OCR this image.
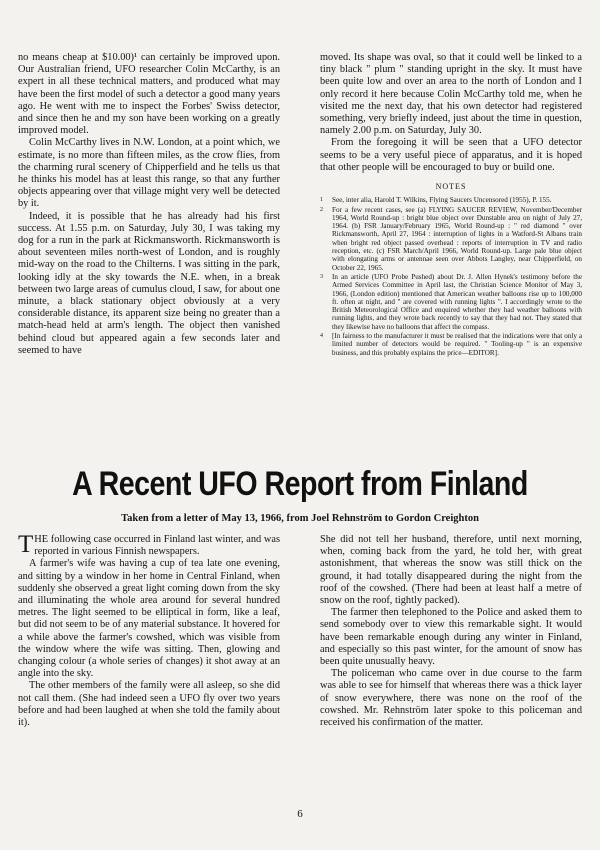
no means cheap at $10.00)¹ can certainly be improved upon. Our Australian friend, UFO researcher Colin McCarthy, is an expert in all these technical matters, and produced what may have been the first model of such a detector a good many years ago. He went with me to inspect the Forbes' Swiss detector, and since then he and my son have been working on a greatly improved model.

Colin McCarthy lives in N.W. London, at a point which, we estimate, is no more than fifteen miles, as the crow flies, from the charming rural scenery of Chipperfield and he tells us that he thinks his model has at least this range, so that any further objects appearing over that village might very well be detected by it.

Indeed, it is possible that he has already had his first success. At 1.55 p.m. on Saturday, July 30, I was taking my dog for a run in the park at Rickmansworth. Rickmansworth is about seventeen miles north-west of London, and is roughly mid-way on the road to the Chilterns. I was sitting in the park, looking idly at the sky towards the N.E. when, in a break between two large areas of cumulus cloud, I saw, for about one minute, a black stationary object obviously at a very considerable distance, its apparent size being no greater than a match-head held at arm's length. The object then vanished behind cloud but appeared again a few seconds later and seemed to have

moved. Its shape was oval, so that it could well be linked to a tiny black " plum " standing upright in the sky. It must have been quite low and over an area to the north of London and I only record it here because Colin McCarthy told me, when he visited me the next day, that his own detector had registered something, very briefly indeed, just about the time in question, namely 2.00 p.m. on Saturday, July 30.

From the foregoing it will be seen that a UFO detector seems to be a very useful piece of apparatus, and it is hoped that other people will be encouraged to buy or build one.

NOTES
1	See, inter alia, Harold T. Wilkins, Flying Saucers Uncensored (1955), P. 155.
2	For a few recent cases, see (a) FLYING SAUCER REVIEW, November/December 1964, World Round-up : bright blue object over Dunstable area on night of July 27, 1964. (b) FSR January/February 1965, World Round-up : " red diamond " over Rickmansworth, April 27, 1964 : interruption of lights in a Watford-St Albans train when bright red object passed overhead : reports of interruption in TV and radio reception, etc. (c) FSR March/April 1966, World Round-up. Large pale blue object with elongating arms or antennae seen over Abbots Langley, near Chipperfield, on October 22, 1965.
3	In an article (UFO Probe Pushed) about Dr. J. Allen Hynek's testimony before the Armed Services Committee in April last, the Christian Science Monitor of May 3, 1966, (London edition) mentioned that American weather balloons rise up to 100,000 ft. often at night, and " are covered with running lights ". I accordingly wrote to the British Meteorological Office and enquired whether they had weather balloons with running lights, and they wrote back recently to say that they had not. They stated that they likewise have no balloons that affect the compass.
4	[In fairness to the manufacturer it must be realised that the indications were that only a limited number of detectors would be required. " Tooling-up " is an expensive business, and this probably explains the price—EDITOR].
A Recent UFO Report from Finland
Taken from a letter of May 13, 1966, from Joel Rehnström to Gordon Creighton

THE following case occurred in Finland last winter, and was reported in various Finnish newspapers.

A farmer's wife was having a cup of tea late one evening, and sitting by a window in her home in Central Finland, when suddenly she observed a great light coming down from the sky and illuminating the whole area around for several hundred metres. The light seemed to be elliptical in form, like a leaf, but did not seem to be of any material substance. It hovered for a while above the farmer's cowshed, which was visible from the window where the wife was sitting. Then, glowing and changing colour (a whole series of changes) it shot away at an angle into the sky.

The other members of the family were all asleep, so she did not call them. (She had indeed seen a UFO fly over two years before and had been laughed at when she told the family about it).

She did not tell her husband, therefore, until next morning, when, coming back from the yard, he told her, with great astonishment, that whereas the snow was still thick on the ground, it had totally disappeared during the night from the roof of the cowshed. (There had been at least half a metre of snow on the roof, tightly packed).

The farmer then telephoned to the Police and asked them to send somebody over to view this remarkable sight. It would have been remarkable enough during any winter in Finland, and especially so this past winter, for the amount of snow has been quite unusually heavy.

The policeman who came over in due course to the farm was able to see for himself that whereas there was a thick layer of snow everywhere, there was none on the roof of the cowshed. Mr. Rehnström later spoke to this policeman and received his confirmation of the matter.

6
